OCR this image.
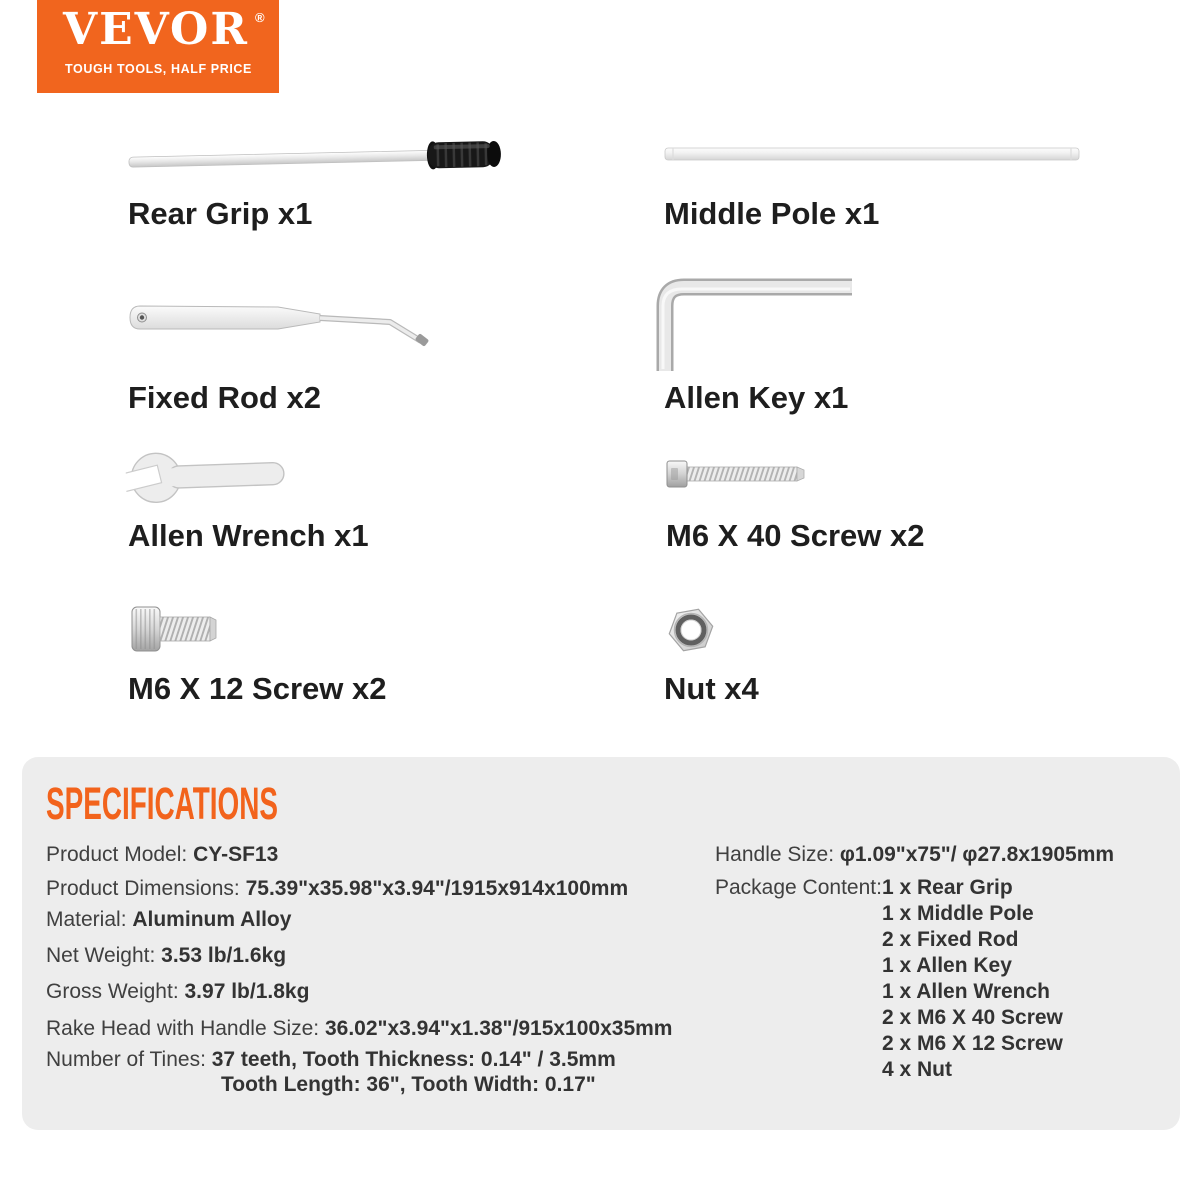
VEVOR ®
TOUGH TOOLS, HALF PRICE
Rear Grip x1	Middle Pole x1
Fixed Rod x2	Allen Key x1
Allen Wrench x1	M6 X 40 Screw x2
M6 X 12 Screw x2	Nut x4
SPECIFICATIONS
Product Model: CY-SF13
Product Dimensions: 75.39"x35.98"x3.94"/1915x914x100mm
Material: Aluminum Alloy
Net Weight: 3.53 lb/1.6kg
Gross Weight: 3.97 lb/1.8kg
Rake Head with Handle Size: 36.02"x3.94"x1.38"/915x100x35mm
Number of Tines: 37 teeth, Tooth Thickness: 0.14" / 3.5mm
Tooth Length: 36", Tooth Width: 0.17"
Handle Size: φ1.09"x75"/ φ27.8x1905mm
Package Content: 1 x Rear Grip
1 x Middle Pole
2 x Fixed Rod
1 x Allen Key
1 x Allen Wrench
2 x M6 X 40 Screw
2 x M6 X 12 Screw
4 x Nut
